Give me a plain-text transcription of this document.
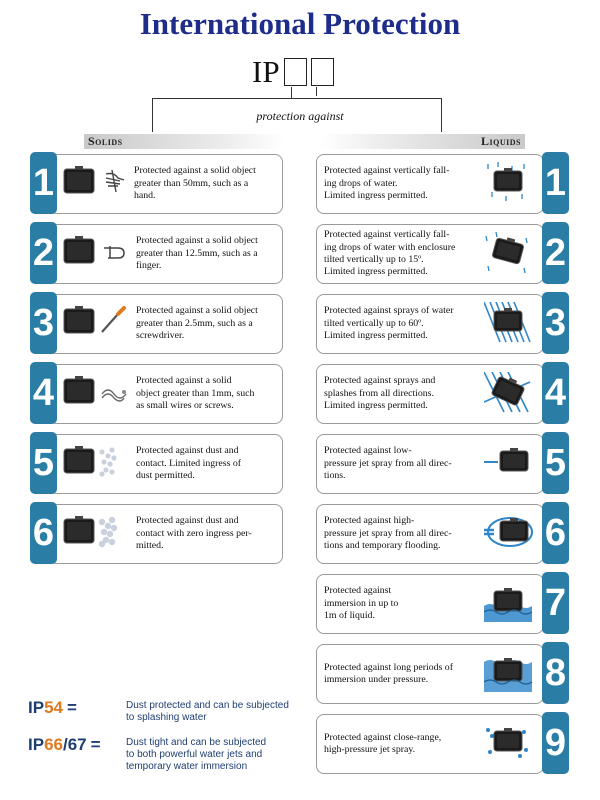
International Protection
IP
protection against
Solids	Liquids
1	Protected against a solid object
greater than 50mm, such as a
hand.
2	Protected against a solid object
greater than 12.5mm, such as a
finger.
3	Protected against a solid object
greater than 2.5mm, such as a
screwdriver.
4	Protected against a solid
object greater than 1mm, such
as small wires or screws.
5	Protected against dust and
contact. Limited ingress of
dust permitted.
6	Protected against dust and
contact with zero ingress per-
mitted.
1
Protected against vertically fall-
ing drops of water.
Limited ingress permitted.
2
Protected against vertically fall-
ing drops of water with enclosure
tilted vertically up to 15º.
Limited ingress permitted.
3
Protected against sprays of water
tilted vertically up to 60º.
Limited ingress permitted.
4
Protected against sprays and
splashes from all directions.
Limited ingress permitted.
5
Protected against low-
pressure jet spray from all direc-
tions.
6
Protected against high-
pressure jet spray from all direc-
tions and temporary flooding.
7
Protected against
immersion in up to
1m of liquid.
8
Protected against long periods of
immersion under pressure.
9
Protected against close-range,
high-pressure jet spray.
IP54 =	Dust protected and can be subjected
to splashing water
IP66/67 =	Dust tight and can be subjected
to both powerful water jets and
temporary water immersion
